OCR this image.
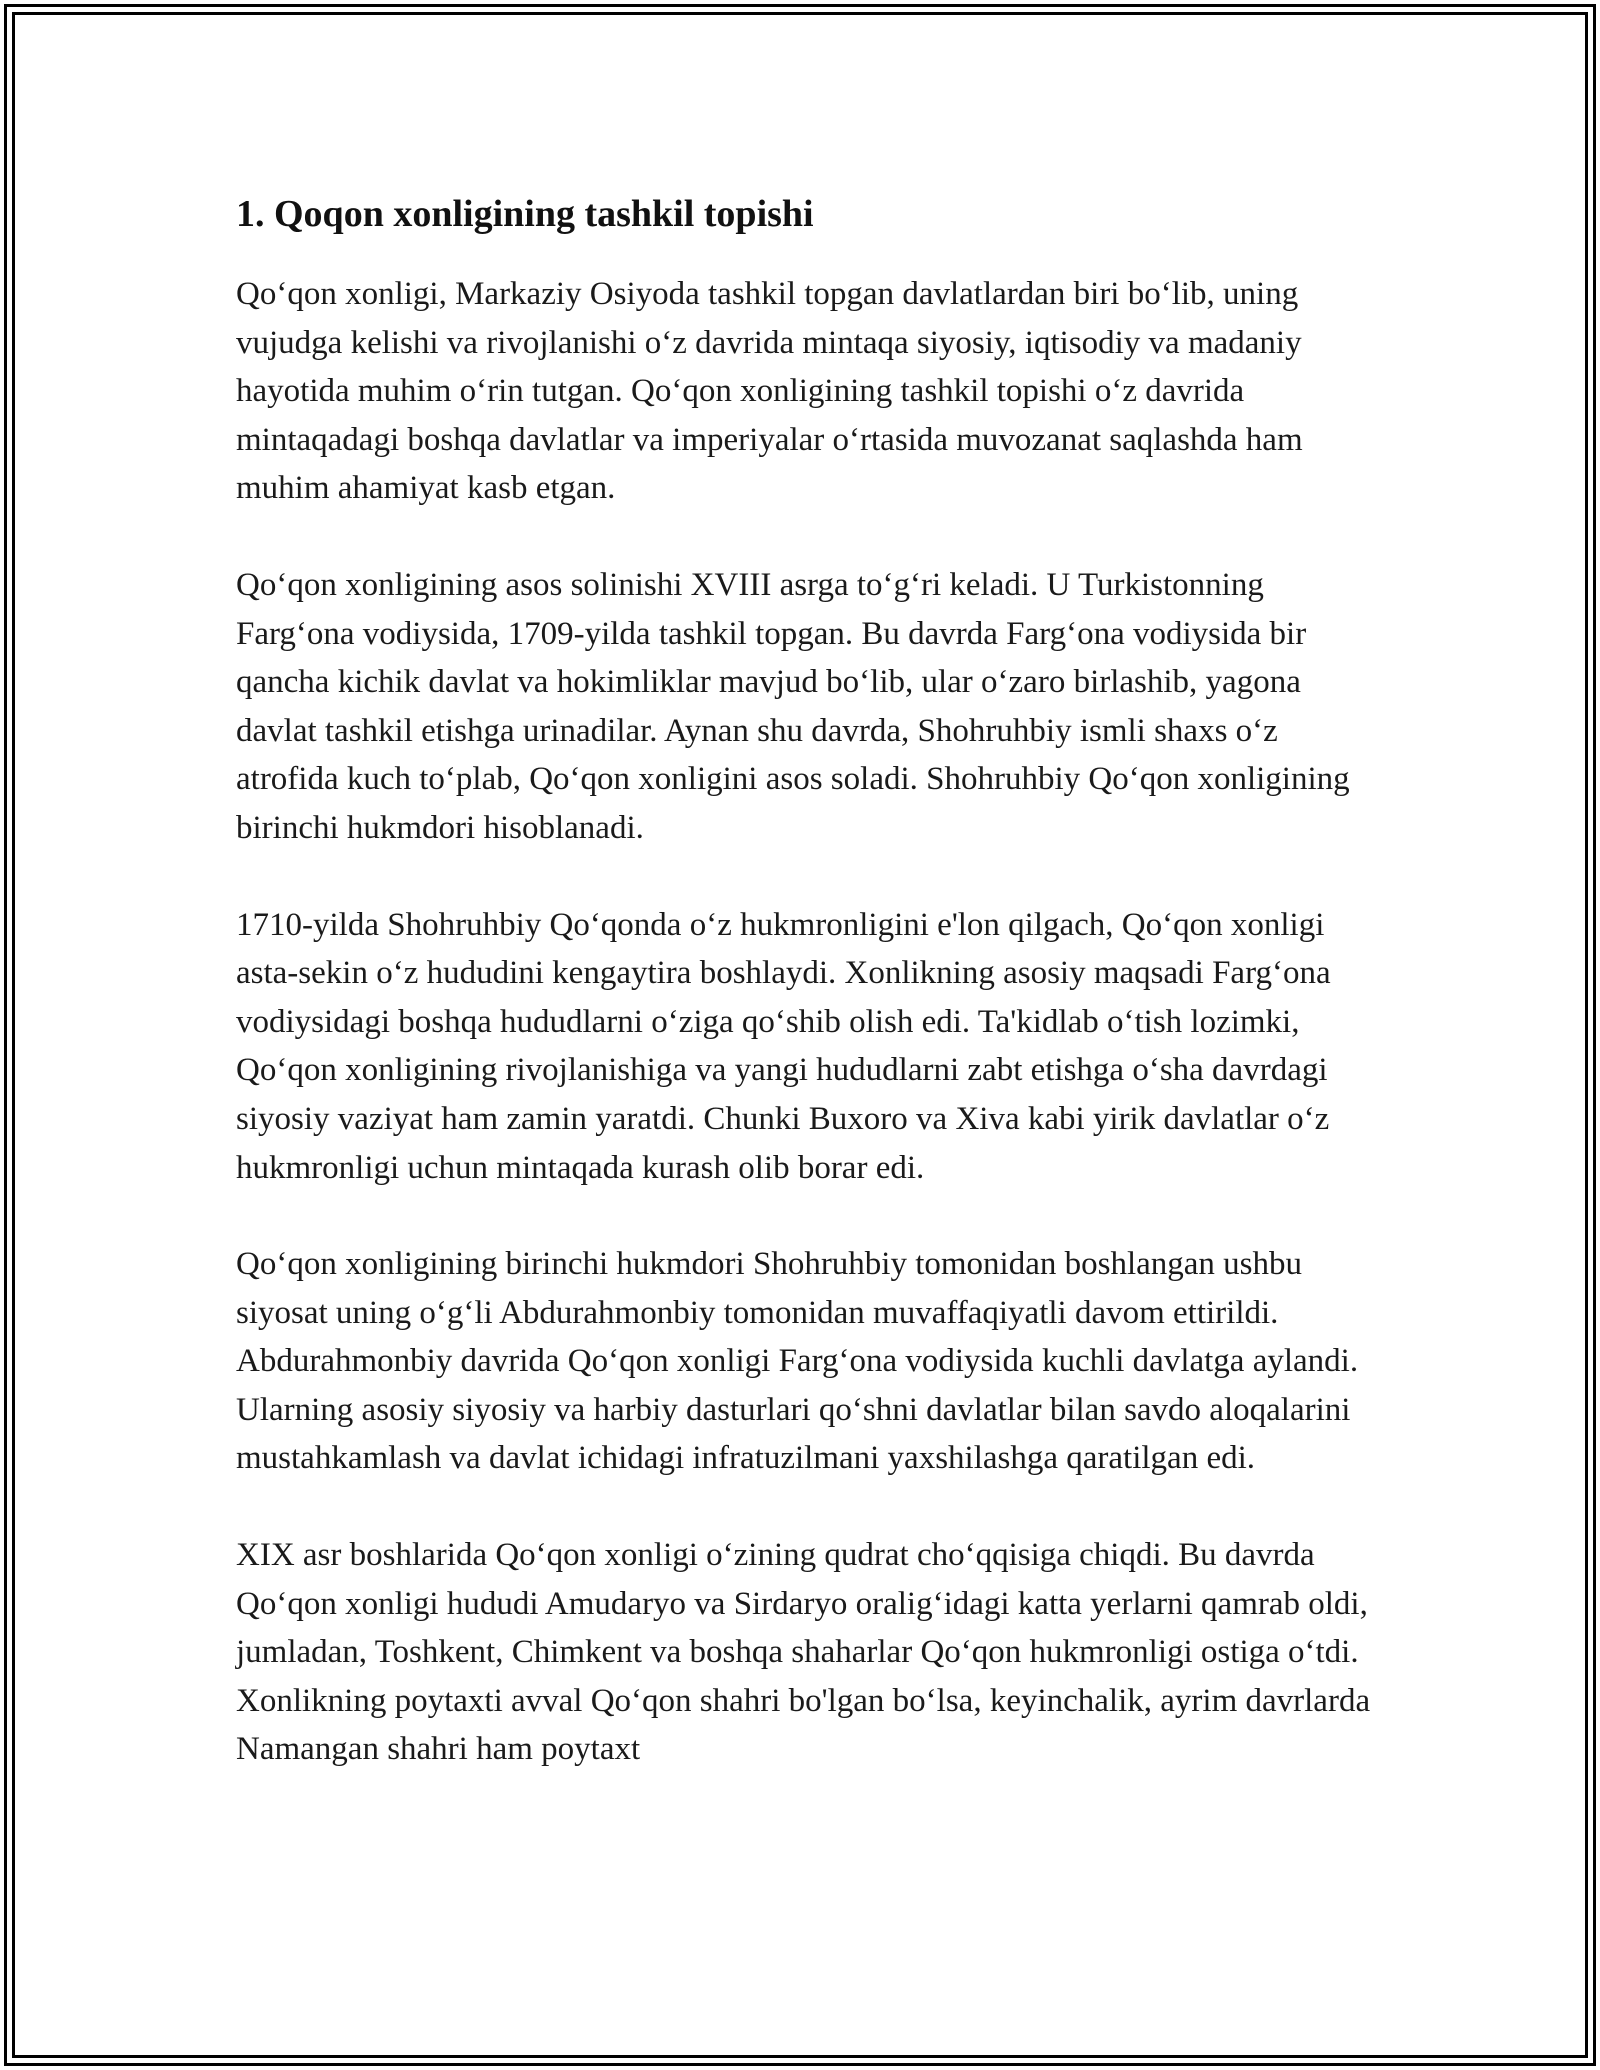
1. Qoqon xonligining tashkil topishi

Qo‘qon xonligi, Markaziy Osiyoda tashkil topgan davlatlardan biri bo‘lib, uning vujudga kelishi va rivojlanishi o‘z davrida mintaqa siyosiy, iqtisodiy va madaniy hayotida muhim o‘rin tutgan. Qo‘qon xonligining tashkil topishi o‘z davrida mintaqadagi boshqa davlatlar va imperiyalar o‘rtasida muvozanat saqlashda ham muhim ahamiyat kasb etgan.

Qo‘qon xonligining asos solinishi XVIII asrga to‘g‘ri keladi. U Turkistonning Farg‘ona vodiysida, 1709-yilda tashkil topgan. Bu davrda Farg‘ona vodiysida bir qancha kichik davlat va hokimliklar mavjud bo‘lib, ular o‘zaro birlashib, yagona davlat tashkil etishga urinadilar. Aynan shu davrda, Shohruhbiy ismli shaxs o‘z atrofida kuch to‘plab, Qo‘qon xonligini asos soladi. Shohruhbiy Qo‘qon xonligining birinchi hukmdori hisoblanadi.

1710-yilda Shohruhbiy Qo‘qonda o‘z hukmronligini e'lon qilgach, Qo‘qon xonligi asta-sekin o‘z hududini kengaytira boshlaydi. Xonlikning asosiy maqsadi Farg‘ona vodiysidagi boshqa hududlarni o‘ziga qo‘shib olish edi. Ta'kidlab o‘tish lozimki, Qo‘qon xonligining rivojlanishiga va yangi hududlarni zabt etishga o‘sha davrdagi siyosiy vaziyat ham zamin yaratdi. Chunki Buxoro va Xiva kabi yirik davlatlar o‘z hukmronligi uchun mintaqada kurash olib borar edi.

Qo‘qon xonligining birinchi hukmdori Shohruhbiy tomonidan boshlangan ushbu siyosat uning o‘g‘li Abdurahmonbiy tomonidan muvaffaqiyatli davom ettirildi. Abdurahmonbiy davrida Qo‘qon xonligi Farg‘ona vodiysida kuchli davlatga aylandi. Ularning asosiy siyosiy va harbiy dasturlari qo‘shni davlatlar bilan savdo aloqalarini mustahkamlash va davlat ichidagi infratuzilmani yaxshilashga qaratilgan edi.

XIX asr boshlarida Qo‘qon xonligi o‘zining qudrat cho‘qqisiga chiqdi. Bu davrda Qo‘qon xonligi hududi Amudaryo va Sirdaryo oralig‘idagi katta yerlarni qamrab oldi, jumladan, Toshkent, Chimkent va boshqa shaharlar Qo‘qon hukmronligi ostiga o‘tdi. Xonlikning poytaxti avval Qo‘qon shahri bo'lgan bo‘lsa, keyinchalik, ayrim davrlarda Namangan shahri ham poytaxt
